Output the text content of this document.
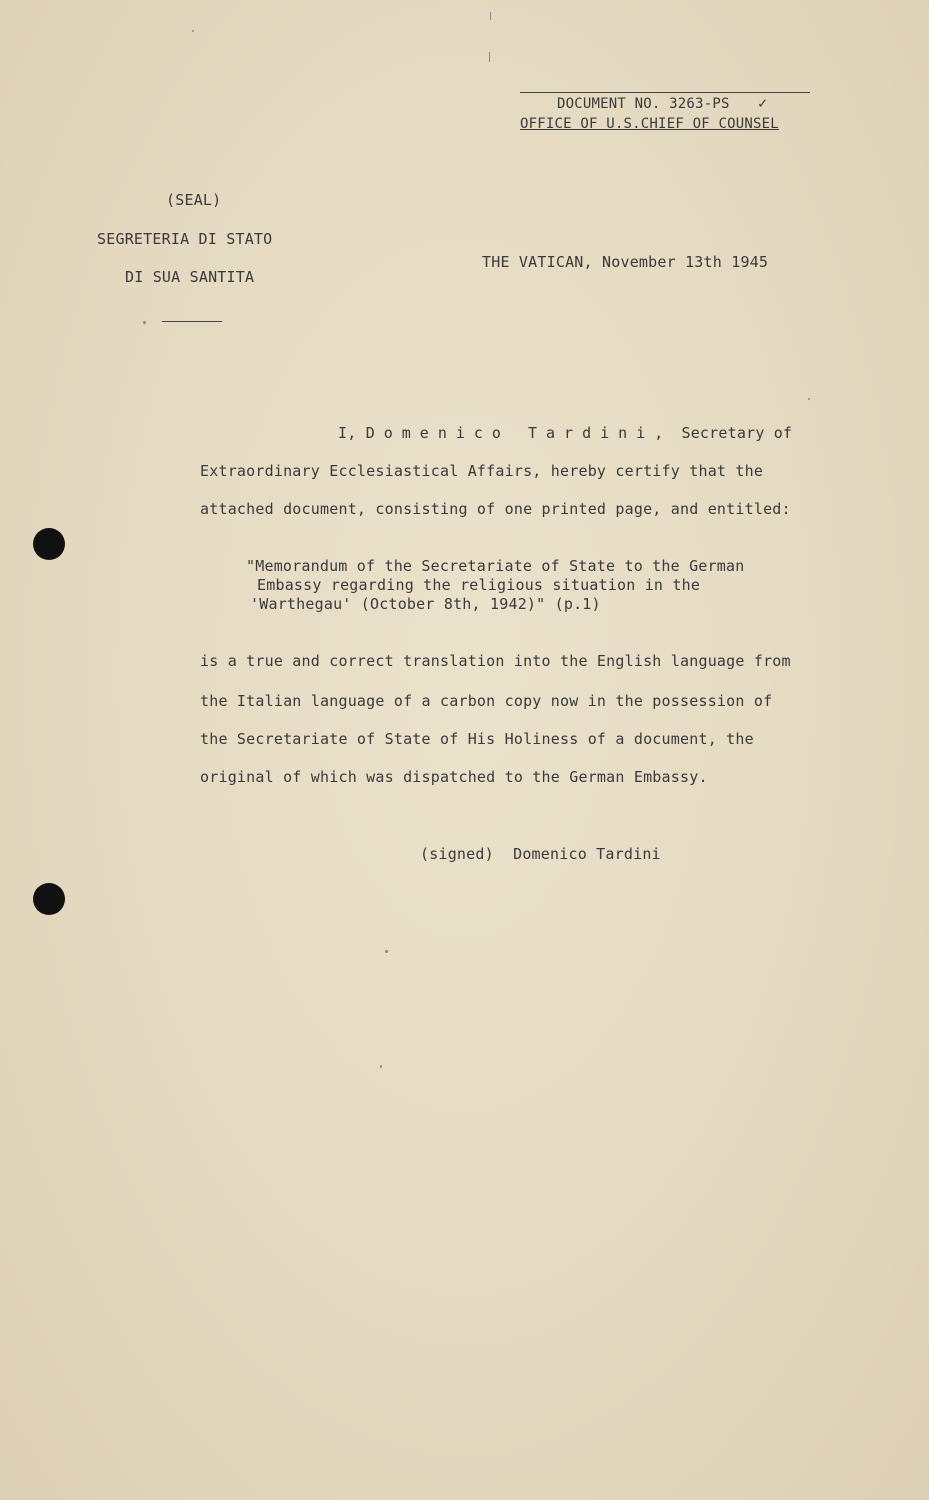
DOCUMENT NO. 3263-PS ✓
OFFICE OF U.S.CHIEF OF COUNSEL
(SEAL)
SEGRETERIA DI STATO
DI SUA SANTITA
THE VATICAN, November 13th 1945
I, Domenico Tardini, Secretary of
Extraordinary Ecclesiastical Affairs, hereby certify that the
attached document, consisting of one printed page, and entitled:
"Memorandum of the Secretariate of State to the German
Embassy regarding the religious situation in the
'Warthegau' (October 8th, 1942)" (p.1)
is a true and correct translation into the English language from
the Italian language of a carbon copy now in the possession of
the Secretariate of State of His Holiness of a document, the
original of which was dispatched to the German Embassy.
(signed) Domenico Tardini
